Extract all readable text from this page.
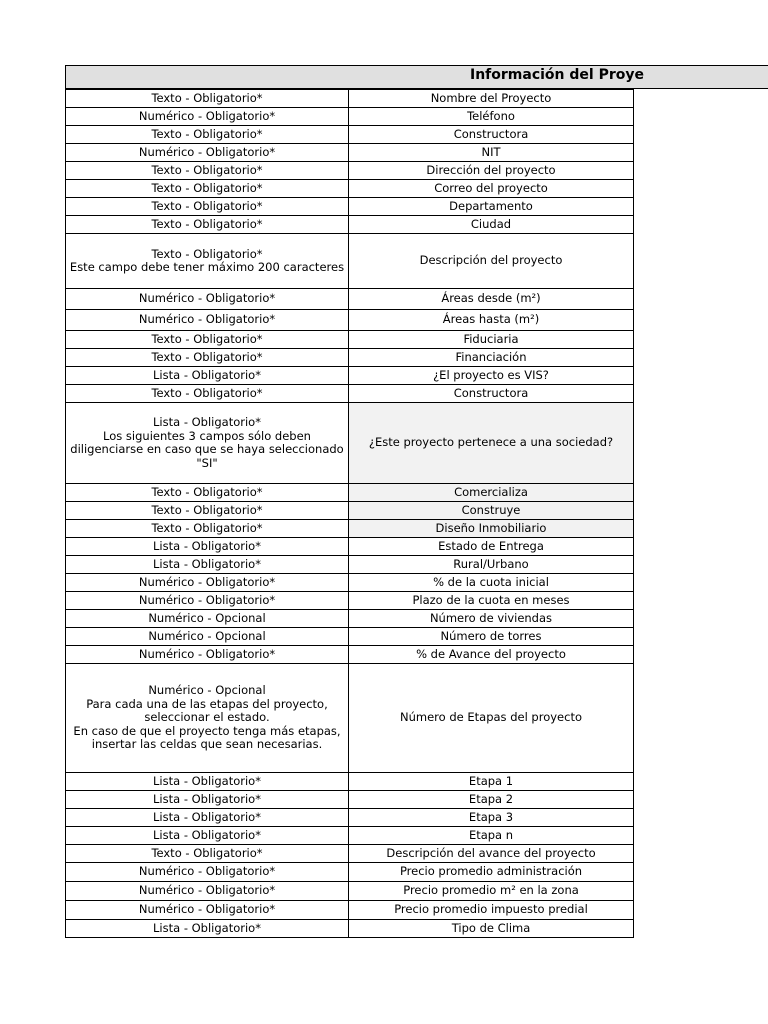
Información del Proye
Texto - Obligatorio*	Nombre del Proyecto

Numérico - Obligatorio*	Teléfono

Texto - Obligatorio*	Constructora

Numérico - Obligatorio*	NIT

Texto - Obligatorio*	Dirección del proyecto

Texto - Obligatorio*	Correo del proyecto

Texto - Obligatorio*	Departamento

Texto - Obligatorio*	Ciudad

Texto - Obligatorio*
Este campo debe tener máximo 200 caracteres	Descripción del proyecto

Numérico - Obligatorio*	Áreas desde (m²)

Numérico - Obligatorio*	Áreas hasta (m²)

Texto - Obligatorio*	Fiduciaria

Texto - Obligatorio*	Financiación

Lista - Obligatorio*	¿El proyecto es VIS?

Texto - Obligatorio*	Constructora

Lista - Obligatorio*
Los siguientes 3 campos sólo deben diligenciarse en caso que se haya seleccionado "SI"	¿Este proyecto pertenece a una sociedad?

Texto - Obligatorio*	Comercializa

Texto - Obligatorio*	Construye

Texto - Obligatorio*	Diseño Inmobiliario

Lista - Obligatorio*	Estado de Entrega

Lista - Obligatorio*	Rural/Urbano

Numérico - Obligatorio*	% de la cuota inicial

Numérico - Obligatorio*	Plazo de la cuota en meses

Numérico - Opcional	Número de viviendas

Numérico - Opcional	Número de torres

Numérico - Obligatorio*	% de Avance del proyecto

Numérico - Opcional
Para cada una de las etapas del proyecto, seleccionar el estado.
En caso de que el proyecto tenga más etapas, insertar las celdas que sean necesarias.	Número de Etapas del proyecto

Lista - Obligatorio*	Etapa 1

Lista - Obligatorio*	Etapa 2

Lista - Obligatorio*	Etapa 3

Lista - Obligatorio*	Etapa n

Texto - Obligatorio*	Descripción del avance del proyecto

Numérico - Obligatorio*	Precio promedio administración

Numérico - Obligatorio*	Precio promedio m² en la zona

Numérico - Obligatorio*	Precio promedio impuesto predial

Lista - Obligatorio*	Tipo de Clima
